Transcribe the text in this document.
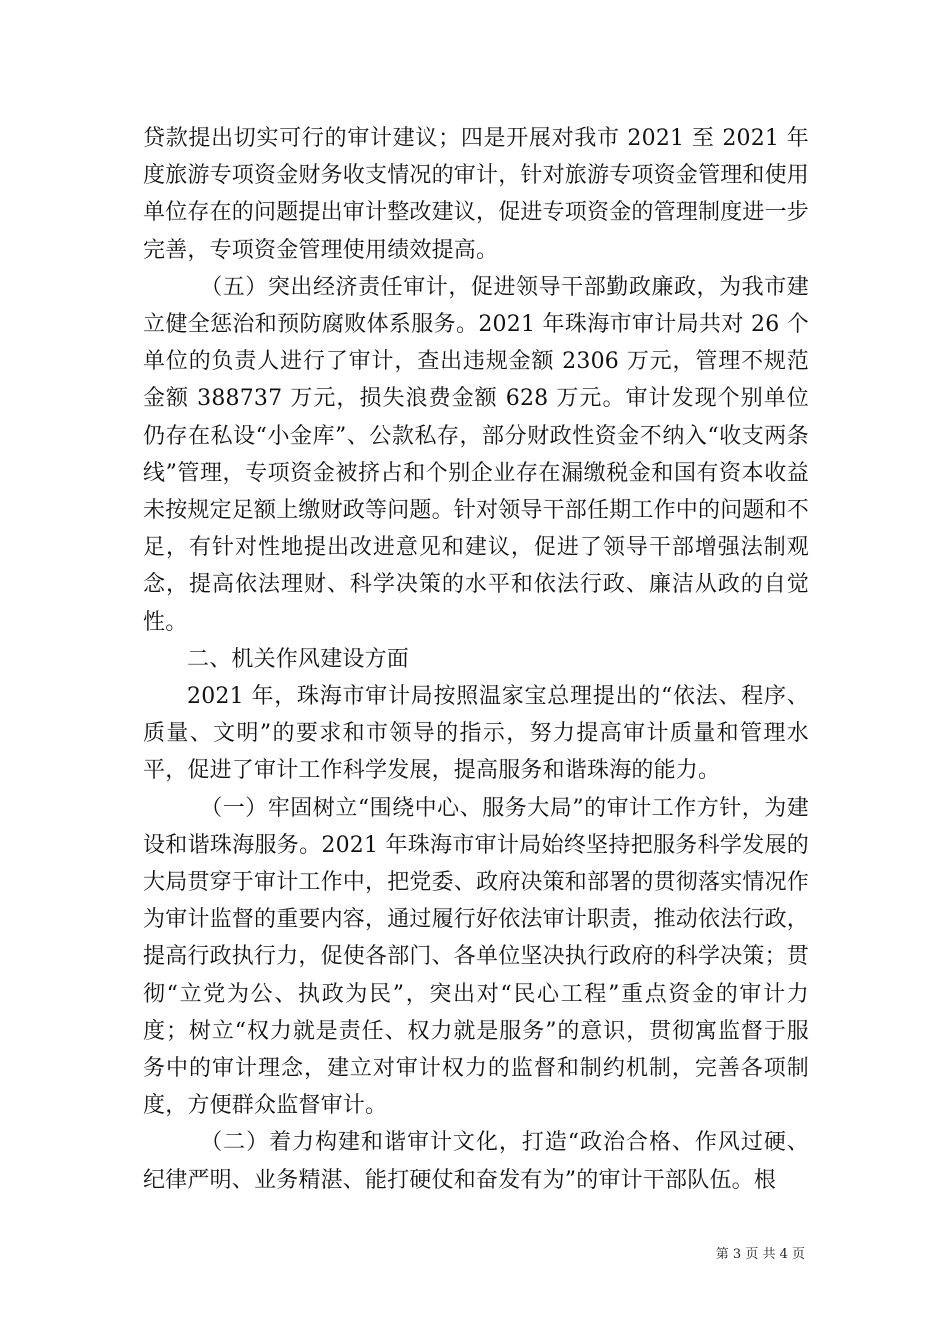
贷款提出切实可行的审计建议；四是开展对我市 2021 至 2021 年度旅游专项资金财务收支情况的审计，针对旅游专项资金管理和使用单位存在的问题提出审计整改建议，促进专项资金的管理制度进一步完善，专项资金管理使用绩效提高。

（五）突出经济责任审计，促进领导干部勤政廉政，为我市建立健全惩治和预防腐败体系服务。2021 年珠海市审计局共对 26 个单位的负责人进行了审计，查出违规金额 2306 万元，管理不规范金额 388737 万元，损失浪费金额 628 万元。审计发现个别单位仍存在私设“小金库”、公款私存，部分财政性资金不纳入“收支两条线”管理，专项资金被挤占和个别企业存在漏缴税金和国有资本收益未按规定足额上缴财政等问题。针对领导干部任期工作中的问题和不足，有针对性地提出改进意见和建议，促进了领导干部增强法制观念，提高依法理财、科学决策的水平和依法行政、廉洁从政的自觉性。

二、机关作风建设方面

2021 年，珠海市审计局按照温家宝总理提出的“依法、程序、质量、文明”的要求和市领导的指示，努力提高审计质量和管理水平，促进了审计工作科学发展，提高服务和谐珠海的能力。

（一）牢固树立“围绕中心、服务大局”的审计工作方针，为建设和谐珠海服务。2021 年珠海市审计局始终坚持把服务科学发展的大局贯穿于审计工作中，把党委、政府决策和部署的贯彻落实情况作为审计监督的重要内容，通过履行好依法审计职责，推动依法行政，提高行政执行力，促使各部门、各单位坚决执行政府的科学决策；贯彻“立党为公、执政为民”，突出对“民心工程”重点资金的审计力度；树立“权力就是责任、权力就是服务”的意识，贯彻寓监督于服务中的审计理念，建立对审计权力的监督和制约机制，完善各项制度，方便群众监督审计。

（二）着力构建和谐审计文化，打造“政治合格、作风过硬、纪律严明、业务精湛、能打硬仗和奋发有为”的审计干部队伍。根

第 3 页 共 4 页
